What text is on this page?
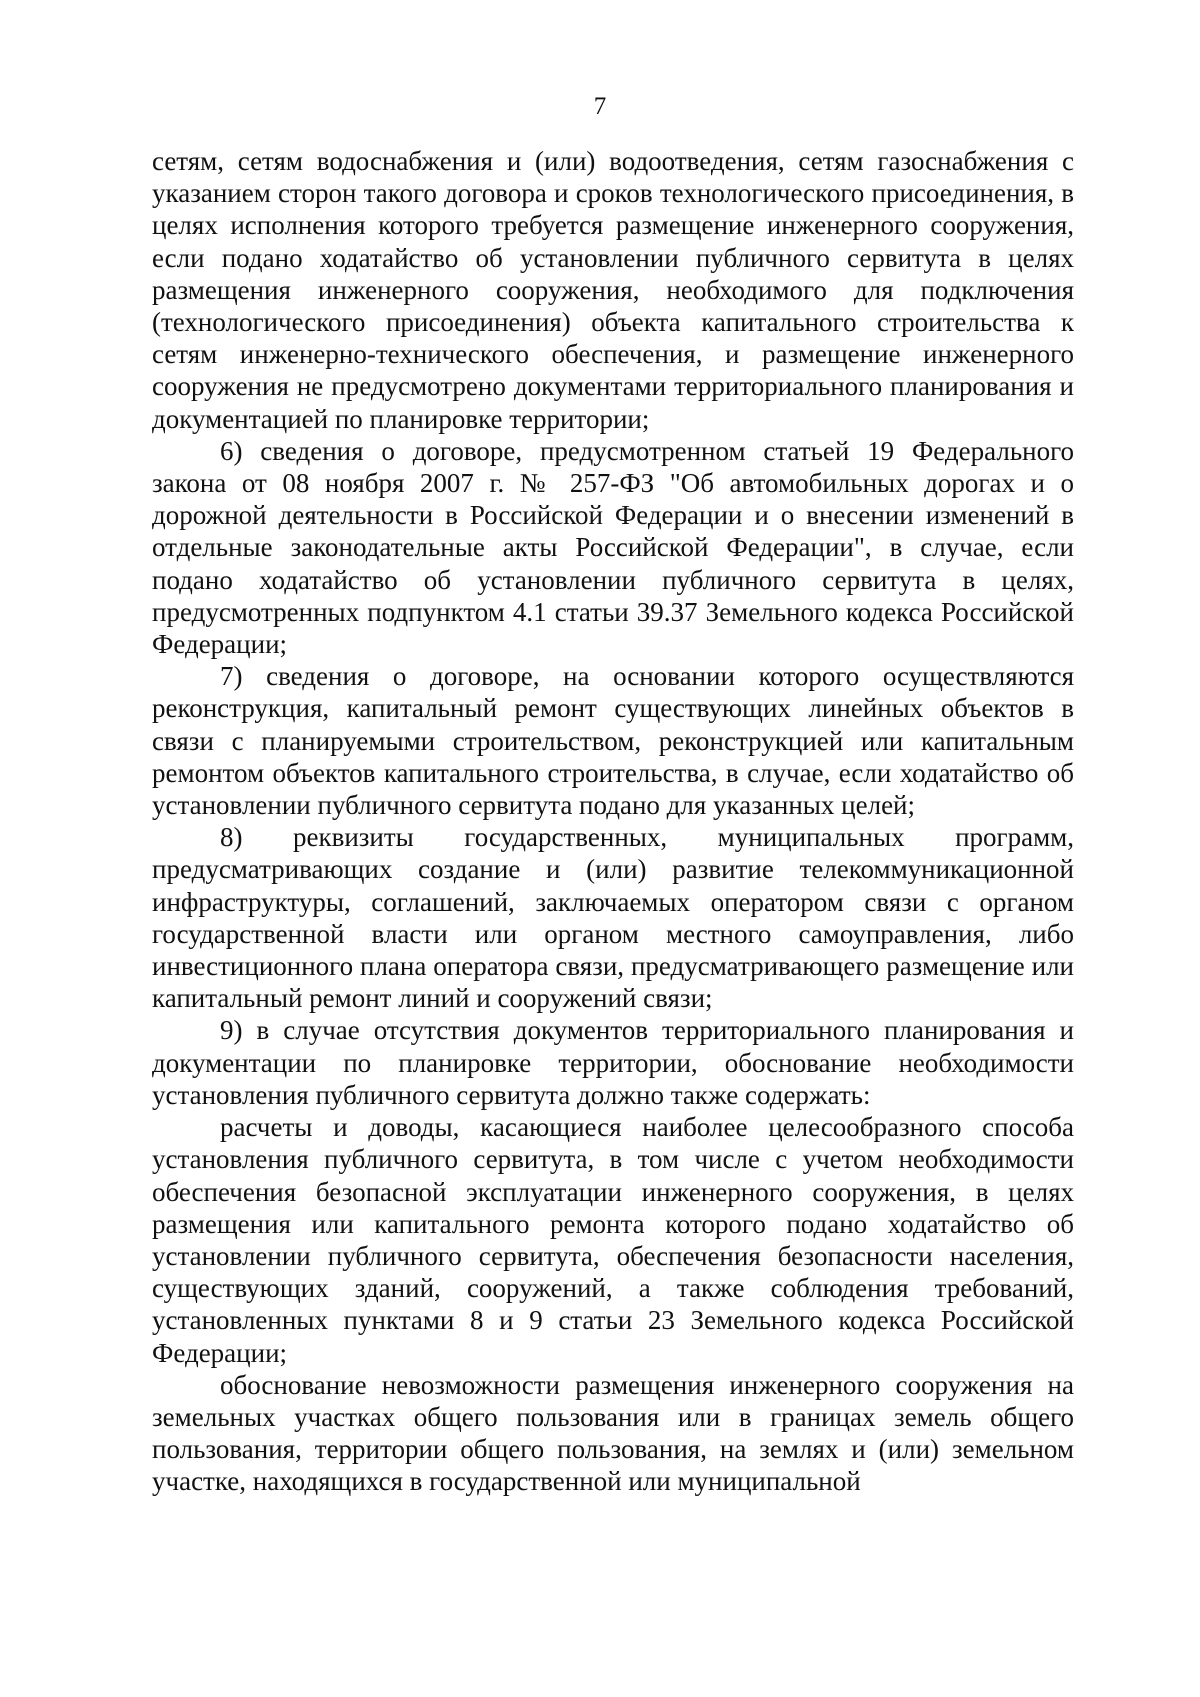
7

сетям, сетям водоснабжения и (или) водоотведения, сетям газоснабжения с указанием сторон такого договора и сроков технологического присоединения, в целях исполнения которого требуется размещение инженерного сооружения, если подано ходатайство об установлении публичного сервитута в целях размещения инженерного сооружения, необходимого для подключения (технологического присоединения) объекта капитального строительства к сетям инженерно-технического обеспечения, и размещение инженерного сооружения не предусмотрено документами территориального планирования и документацией по планировке территории;

6) сведения о договоре, предусмотренном статьей 19 Федерального закона от 08 ноября 2007 г. № 257-ФЗ "Об автомобильных дорогах и о дорожной деятельности в Российской Федерации и о внесении изменений в отдельные законодательные акты Российской Федерации", в случае, если подано ходатайство об установлении публичного сервитута в целях, предусмотренных подпунктом 4.1 статьи 39.37 Земельного кодекса Российской Федерации;

7) сведения о договоре, на основании которого осуществляются реконструкция, капитальный ремонт существующих линейных объектов в связи с планируемыми строительством, реконструкцией или капитальным ремонтом объектов капитального строительства, в случае, если ходатайство об установлении публичного сервитута подано для указанных целей;

8) реквизиты государственных, муниципальных программ, предусматривающих создание и (или) развитие телекоммуникационной инфраструктуры, соглашений, заключаемых оператором связи с органом государственной власти или органом местного самоуправления, либо инвестиционного плана оператора связи, предусматривающего размещение или капитальный ремонт линий и сооружений связи;

9) в случае отсутствия документов территориального планирования и документации по планировке территории, обоснование необходимости установления публичного сервитута должно также содержать:

расчеты и доводы, касающиеся наиболее целесообразного способа установления публичного сервитута, в том числе с учетом необходимости обеспечения безопасной эксплуатации инженерного сооружения, в целях размещения или капитального ремонта которого подано ходатайство об установлении публичного сервитута, обеспечения безопасности населения, существующих зданий, сооружений, а также соблюдения требований, установленных пунктами 8 и 9 статьи 23 Земельного кодекса Российской Федерации;

обоснование невозможности размещения инженерного сооружения на земельных участках общего пользования или в границах земель общего пользования, территории общего пользования, на землях и (или) земельном участке, находящихся в государственной или муниципальной
